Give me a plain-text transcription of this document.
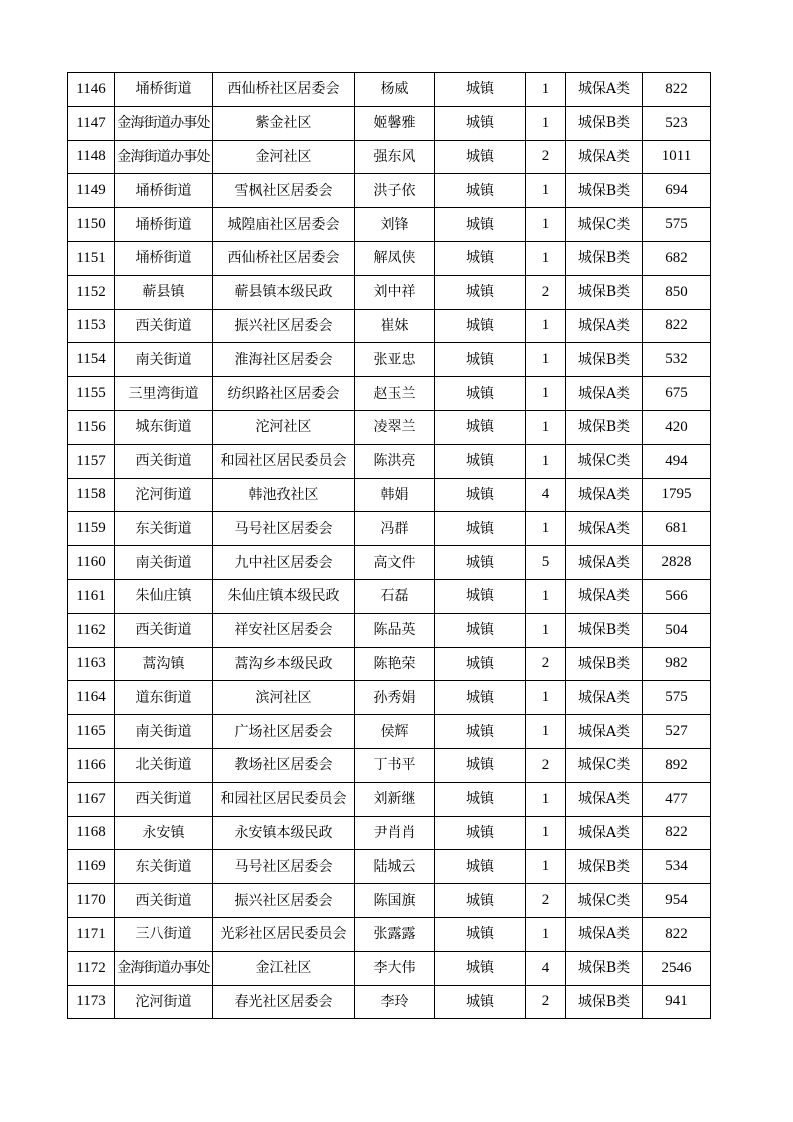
1146	埇桥街道	西仙桥社区居委会	杨威	城镇	1	城保A类	822
1147	金海街道办事处	紫金社区	姬馨雅	城镇	1	城保B类	523
1148	金海街道办事处	金河社区	强东风	城镇	2	城保A类	1011
1149	埇桥街道	雪枫社区居委会	洪子依	城镇	1	城保B类	694
1150	埇桥街道	城隍庙社区居委会	刘锋	城镇	1	城保C类	575
1151	埇桥街道	西仙桥社区居委会	解凤侠	城镇	1	城保B类	682
1152	蕲县镇	蕲县镇本级民政	刘中祥	城镇	2	城保B类	850
1153	西关街道	振兴社区居委会	崔妹	城镇	1	城保A类	822
1154	南关街道	淮海社区居委会	张亚忠	城镇	1	城保B类	532
1155	三里湾街道	纺织路社区居委会	赵玉兰	城镇	1	城保A类	675
1156	城东街道	沱河社区	凌翠兰	城镇	1	城保B类	420
1157	西关街道	和园社区居民委员会	陈洪亮	城镇	1	城保C类	494
1158	沱河街道	韩池孜社区	韩娟	城镇	4	城保A类	1795
1159	东关街道	马号社区居委会	冯群	城镇	1	城保A类	681
1160	南关街道	九中社区居委会	高文件	城镇	5	城保A类	2828
1161	朱仙庄镇	朱仙庄镇本级民政	石磊	城镇	1	城保A类	566
1162	西关街道	祥安社区居委会	陈品英	城镇	1	城保B类	504
1163	蒿沟镇	蒿沟乡本级民政	陈艳荣	城镇	2	城保B类	982
1164	道东街道	滨河社区	孙秀娟	城镇	1	城保A类	575
1165	南关街道	广场社区居委会	侯辉	城镇	1	城保A类	527
1166	北关街道	教场社区居委会	丁书平	城镇	2	城保C类	892
1167	西关街道	和园社区居民委员会	刘新继	城镇	1	城保A类	477
1168	永安镇	永安镇本级民政	尹肖肖	城镇	1	城保A类	822
1169	东关街道	马号社区居委会	陆城云	城镇	1	城保B类	534
1170	西关街道	振兴社区居委会	陈国旗	城镇	2	城保C类	954
1171	三八街道	光彩社区居民委员会	张露露	城镇	1	城保A类	822
1172	金海街道办事处	金江社区	李大伟	城镇	4	城保B类	2546
1173	沱河街道	春光社区居委会	李玲	城镇	2	城保B类	941
